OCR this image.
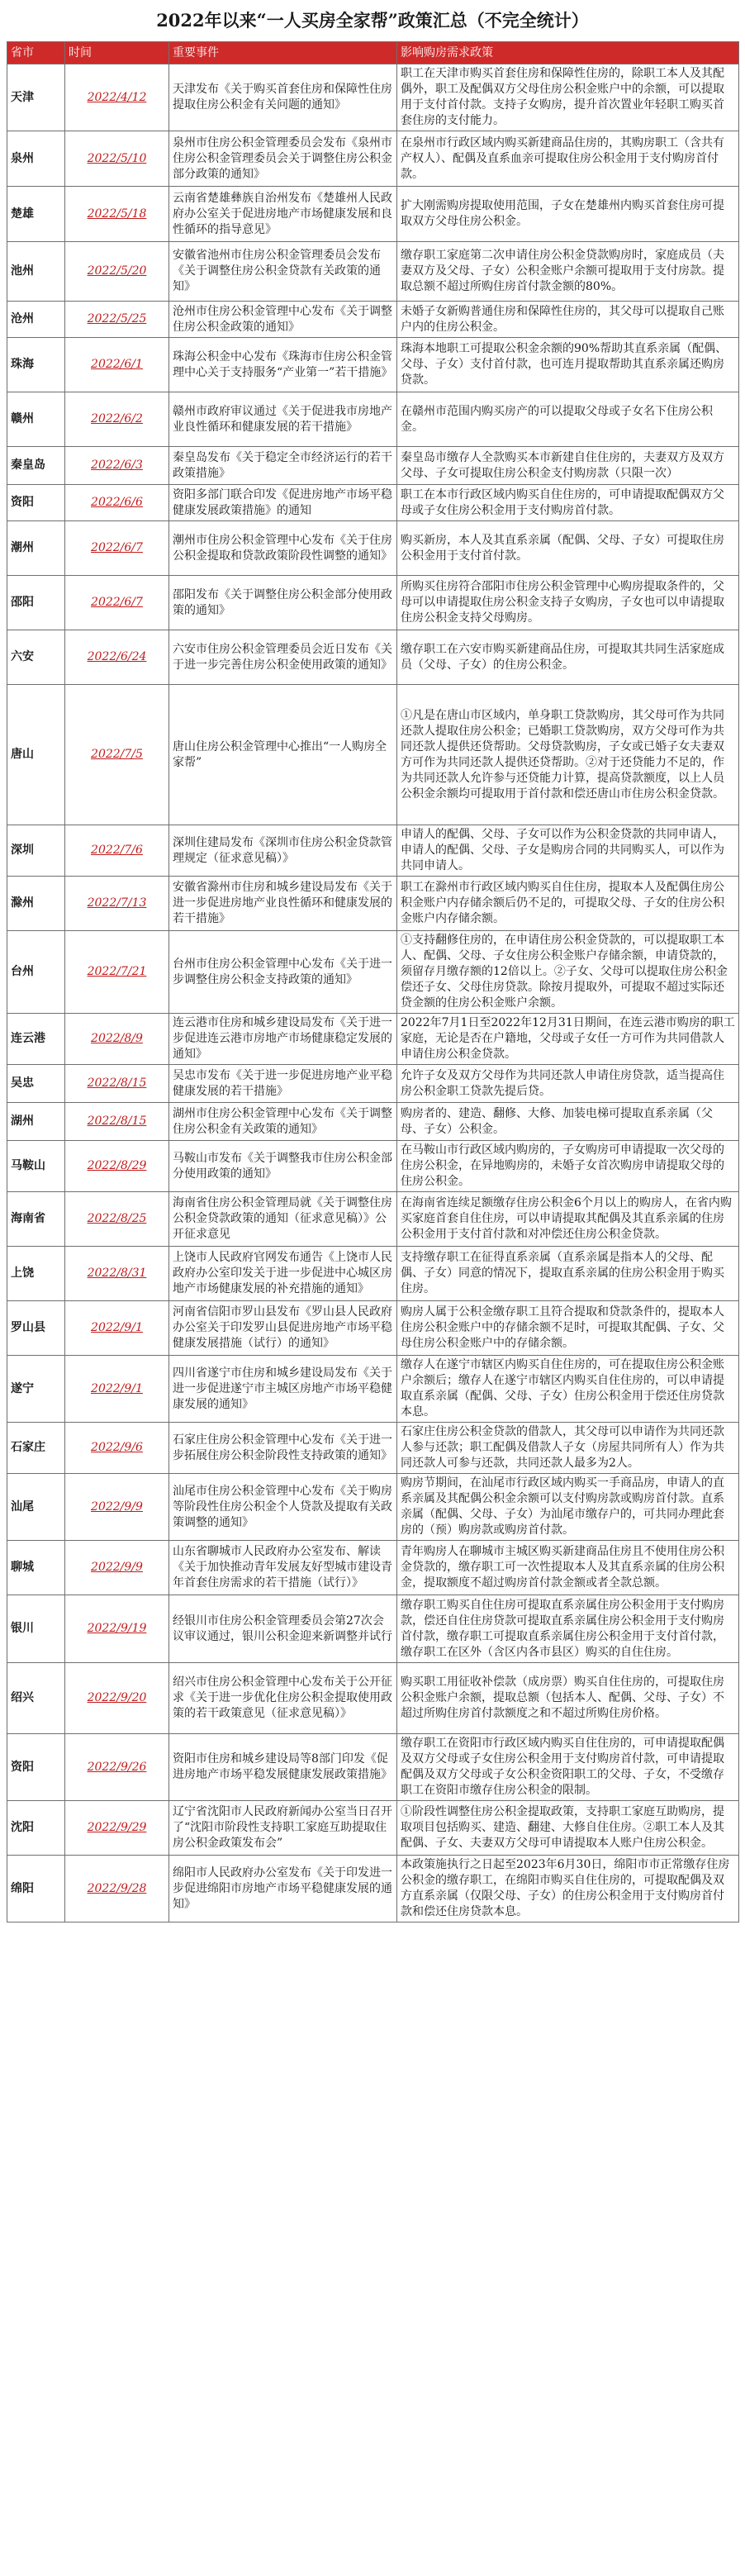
2022年以来“一人买房全家帮”政策汇总（不完全统计）
省市	时间	重要事件	影响购房需求政策
天津	2022/4/12	天津发布《关于购买首套住房和保障性住房提取住房公积金有关问题的通知》	职工在天津市购买首套住房和保障性住房的，除职工本人及其配偶外，职工及配偶双方父母住房公积金账户中的余额，可以提取用于支付首付款。支持子女购房，提升首次置业年轻职工购买首套住房的支付能力。
泉州	2022/5/10	泉州市住房公积金管理委员会发布《泉州市住房公积金管理委员会关于调整住房公积金部分政策的通知》	在泉州市行政区域内购买新建商品住房的，其购房职工（含共有产权人）、配偶及直系血亲可提取住房公积金用于支付购房首付款。
楚雄	2022/5/18	云南省楚雄彝族自治州发布《楚雄州人民政府办公室关于促进房地产市场健康发展和良性循环的指导意见》	扩大刚需购房提取使用范围，子女在楚雄州内购买首套住房可提取双方父母住房公积金。
池州	2022/5/20	安徽省池州市住房公积金管理委员会发布《关于调整住房公积金贷款有关政策的通知》	缴存职工家庭第二次申请住房公积金贷款购房时，家庭成员（夫妻双方及父母、子女）公积金账户余额可提取用于支付房款。提取总额不超过所购住房首付款金额的80%。
沧州	2022/5/25	沧州市住房公积金管理中心发布《关于调整住房公积金政策的通知》	未婚子女新购普通住房和保障性住房的，其父母可以提取自己账户内的住房公积金。
珠海	2022/6/1	珠海公积金中心发布《珠海市住房公积金管理中心关于支持服务“产业第一”若干措施》	珠海本地职工可提取公积金余额的90%帮助其直系亲属（配偶、父母、子女）支付首付款，也可连月提取帮助其直系亲属还购房贷款。
赣州	2022/6/2	赣州市政府审议通过《关于促进我市房地产业良性循环和健康发展的若干措施》	在赣州市范围内购买房产的可以提取父母或子女名下住房公积金。
秦皇岛	2022/6/3	秦皇岛发布《关于稳定全市经济运行的若干政策措施》	秦皇岛市缴存人全款购买本市新建自住住房的，夫妻双方及双方父母、子女可提取住房公积金支付购房款（只限一次）
资阳	2022/6/6	资阳多部门联合印发《促进房地产市场平稳健康发展政策措施》的通知	职工在本市行政区域内购买自住住房的，可申请提取配偶双方父母或子女住房公积金用于支付购房首付款。
潮州	2022/6/7	潮州市住房公积金管理中心发布《关于住房公积金提取和贷款政策阶段性调整的通知》	购买新房，本人及其直系亲属（配偶、父母、子女）可提取住房公积金用于支付首付款。
邵阳	2022/6/7	邵阳发布《关于调整住房公积金部分使用政策的通知》	所购买住房符合邵阳市住房公积金管理中心购房提取条件的，父母可以申请提取住房公积金支持子女购房，子女也可以申请提取住房公积金支持父母购房。
六安	2022/6/24	六安市住房公积金管理委员会近日发布《关于进一步完善住房公积金使用政策的通知》	缴存职工在六安市购买新建商品住房，可提取其共同生活家庭成员（父母、子女）的住房公积金。
唐山	2022/7/5	唐山住房公积金管理中心推出“一人购房全家帮”	①凡是在唐山市区域内，单身职工贷款购房，其父母可作为共同还款人提取住房公积金；已婚职工贷款购房，双方父母可作为共同还款人提供还贷帮助。父母贷款购房，子女或已婚子女夫妻双方可作为共同还款人提供还贷帮助。②对于还贷能力不足的，作为共同还款人允许参与还贷能力计算，提高贷款额度，以上人员公积金余额均可提取用于首付款和偿还唐山市住房公积金贷款。
深圳	2022/7/6	深圳住建局发布《深圳市住房公积金贷款管理规定（征求意见稿）》	申请人的配偶、父母、子女可以作为公积金贷款的共同申请人，申请人的配偶、父母、子女是购房合同的共同购买人，可以作为共同申请人。
滁州	2022/7/13	安徽省滁州市住房和城乡建设局发布《关于进一步促进房地产业良性循环和健康发展的若干措施》	职工在滁州市行政区域内购买自住住房，提取本人及配偶住房公积金账户内存储余额后仍不足的，可提取父母、子女的住房公积金账户内存储余额。
台州	2022/7/21	台州市住房公积金管理中心发布《关于进一步调整住房公积金支持政策的通知》	①支持翻修住房的，在申请住房公积金贷款的，可以提取职工本人、配偶、父母、子女住房公积金账户存储余额，申请贷款的，须留存月缴存额的12倍以上。②子女、父母可以提取住房公积金偿还子女、父母住房贷款。除按月提取外，可提取不超过实际还贷金额的住房公积金账户余额。
连云港	2022/8/9	连云港市住房和城乡建设局发布《关于进一步促进连云港市房地产市场健康稳定发展的通知》	2022年7月1日至2022年12月31日期间，在连云港市购房的职工家庭，无论是否在户籍地，父母或子女任一方可作为共同借款人申请住房公积金贷款。
吴忠	2022/8/15	吴忠市发布《关于进一步促进房地产业平稳健康发展的若干措施》	允许子女及双方父母作为共同还款人申请住房贷款，适当提高住房公积金职工贷款先提后贷。
湖州	2022/8/15	湖州市住房公积金管理中心发布《关于调整住房公积金有关政策的通知》	购房者的、建造、翻修、大修、加装电梯可提取直系亲属（父母、子女）公积金。
马鞍山	2022/8/29	马鞍山市发布《关于调整我市住房公积金部分使用政策的通知》	在马鞍山市行政区域内购房的，子女购房可申请提取一次父母的住房公积金，在异地购房的，未婚子女首次购房申请提取父母的住房公积金。
海南省	2022/8/25	海南省住房公积金管理局就《关于调整住房公积金贷款政策的通知（征求意见稿）》公开征求意见	在海南省连续足额缴存住房公积金6个月以上的购房人，在省内购买家庭首套自住住房，可以申请提取其配偶及其直系亲属的住房公积金用于支付首付款和对冲偿还住房公积金贷款。
上饶	2022/8/31	上饶市人民政府官网发布通告《上饶市人民政府办公室印发关于进一步促进中心城区房地产市场健康发展的补充措施的通知》	支持缴存职工在征得直系亲属（直系亲属是指本人的父母、配偶、子女）同意的情况下，提取直系亲属的住房公积金用于购买住房。
罗山县	2022/9/1	河南省信阳市罗山县发布《罗山县人民政府办公室关于印发罗山县促进房地产市场平稳健康发展措施（试行）的通知》	购房人属于公积金缴存职工且符合提取和贷款条件的，提取本人住房公积金账户中的存储余额不足时，可提取其配偶、子女、父母住房公积金账户中的存储余额。
遂宁	2022/9/1	四川省遂宁市住房和城乡建设局发布《关于进一步促进遂宁市主城区房地产市场平稳健康发展的通知》	缴存人在遂宁市辖区内购买自住住房的，可在提取住房公积金账户余额后；缴存人在遂宁市辖区内购买自住住房的，可以申请提取直系亲属（配偶、父母、子女）住房公积金用于偿还住房贷款本息。
石家庄	2022/9/6	石家庄住房公积金管理中心发布《关于进一步拓展住房公积金阶段性支持政策的通知》	石家庄住房公积金贷款的借款人，其父母可以申请作为共同还款人参与还款；职工配偶及借款人子女（房屋共同所有人）作为共同还款人可参与还款，共同还款人最多为2人。
汕尾	2022/9/9	汕尾市住房公积金管理中心发布《关于购房等阶段性住房公积金个人贷款及提取有关政策调整的通知》	购房节期间，在汕尾市行政区域内购买一手商品房，申请人的直系亲属及其配偶公积金余额可以支付购房款或购房首付款。直系亲属（配偶、父母、子女）为汕尾市缴存户的，可共同办理此套房的（预）购房款或购房首付款。
聊城	2022/9/9	山东省聊城市人民政府办公室发布、解读《关于加快推动青年发展友好型城市建设青年首套住房需求的若干措施（试行）》	青年购房人在聊城市主城区购买新建商品住房且不使用住房公积金贷款的，缴存职工可一次性提取本人及其直系亲属的住房公积金，提取额度不超过购房首付款金额或者全款总额。
银川	2022/9/19	经银川市住房公积金管理委员会第27次会议审议通过，银川公积金迎来新调整并试行	缴存职工购买自住住房可提取直系亲属住房公积金用于支付购房款，偿还自住住房贷款可提取直系亲属住房公积金用于支付购房首付款，缴存职工可提取直系亲属住房公积金用于支付首付款，缴存职工在区外（含区内各市县区）购买的自住住房。
绍兴	2022/9/20	绍兴市住房公积金管理中心发布关于公开征求《关于进一步优化住房公积金提取使用政策的若干政策意见（征求意见稿）》	购买职工用征收补偿款（成房票）购买自住住房的，可提取住房公积金账户余额，提取总额（包括本人、配偶、父母、子女）不超过所购住房首付款额度之和不超过所购住房价格。
资阳	2022/9/26	资阳市住房和城乡建设局等8部门印发《促进房地产市场平稳发展健康发展政策措施》	缴存职工在资阳市行政区域内购买自住住房的，可申请提取配偶及双方父母或子女住房公积金用于支付购房首付款，可申请提取配偶及双方父母或子女公积金资阳职工的父母、子女，不受缴存职工在资阳市缴存住房公积金的限制。
沈阳	2022/9/29	辽宁省沈阳市人民政府新闻办公室当日召开了“沈阳市阶段性支持职工家庭互助提取住房公积金政策发布会”	①阶段性调整住房公积金提取政策，支持职工家庭互助购房，提取项目包括购买、建造、翻建、大修自住住房。②职工本人及其配偶、子女、夫妻双方父母可申请提取本人账户住房公积金。
绵阳	2022/9/28	绵阳市人民政府办公室发布《关于印发进一步促进绵阳市房地产市场平稳健康发展的通知》	本政策施执行之日起至2023年6月30日，绵阳市市正常缴存住房公积金的缴存职工，在绵阳市购买自住住房的，可提取配偶及双方直系亲属（仅限父母、子女）的住房公积金用于支付购房首付款和偿还住房贷款本息。
